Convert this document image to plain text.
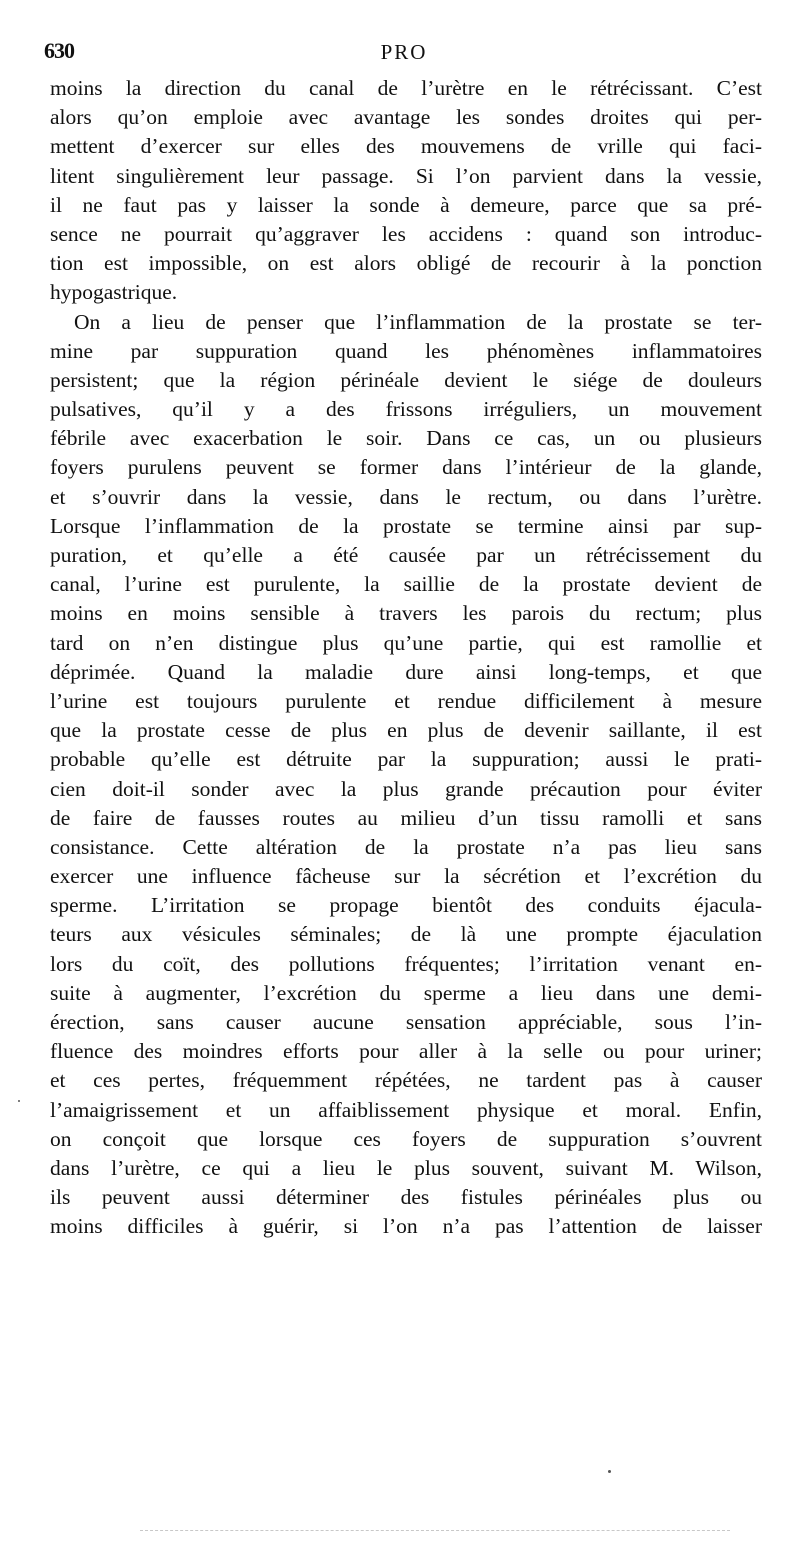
630	PRO
moins la direction du canal de l’urètre en le rétrécissant. C’est
alors qu’on emploie avec avantage les sondes droites qui per-
mettent d’exercer sur elles des mouvemens de vrille qui faci-
litent singulièrement leur passage. Si l’on parvient dans la vessie,
il ne faut pas y laisser la sonde à demeure, parce que sa pré-
sence ne pourrait qu’aggraver les accidens : quand son introduc-
tion est impossible, on est alors obligé de recourir à la ponction
hypogastrique.
On a lieu de penser que l’inflammation de la prostate se ter-
mine par suppuration quand les phénomènes inflammatoires
persistent; que la région périnéale devient le siége de douleurs
pulsatives, qu’il y a des frissons irréguliers, un mouvement
fébrile avec exacerbation le soir. Dans ce cas, un ou plusieurs
foyers purulens peuvent se former dans l’intérieur de la glande,
et s’ouvrir dans la vessie, dans le rectum, ou dans l’urètre.
Lorsque l’inflammation de la prostate se termine ainsi par sup-
puration, et qu’elle a été causée par un rétrécissement du
canal, l’urine est purulente, la saillie de la prostate devient de
moins en moins sensible à travers les parois du rectum; plus
tard on n’en distingue plus qu’une partie, qui est ramollie et
déprimée. Quand la maladie dure ainsi long-temps, et que
l’urine est toujours purulente et rendue difficilement à mesure
que la prostate cesse de plus en plus de devenir saillante, il est
probable qu’elle est détruite par la suppuration; aussi le prati-
cien doit-il sonder avec la plus grande précaution pour éviter
de faire de fausses routes au milieu d’un tissu ramolli et sans
consistance. Cette altération de la prostate n’a pas lieu sans
exercer une influence fâcheuse sur la sécrétion et l’excrétion du
sperme. L’irritation se propage bientôt des conduits éjacula-
teurs aux vésicules séminales; de là une prompte éjaculation
lors du coït, des pollutions fréquentes; l’irritation venant en-
suite à augmenter, l’excrétion du sperme a lieu dans une demi-
érection, sans causer aucune sensation appréciable, sous l’in-
fluence des moindres efforts pour aller à la selle ou pour uriner;
et ces pertes, fréquemment répétées, ne tardent pas à causer
l’amaigrissement et un affaiblissement physique et moral. Enfin,
on conçoit que lorsque ces foyers de suppuration s’ouvrent
dans l’urètre, ce qui a lieu le plus souvent, suivant M. Wilson,
ils peuvent aussi déterminer des fistules périnéales plus ou
moins difficiles à guérir, si l’on n’a pas l’attention de laisser
